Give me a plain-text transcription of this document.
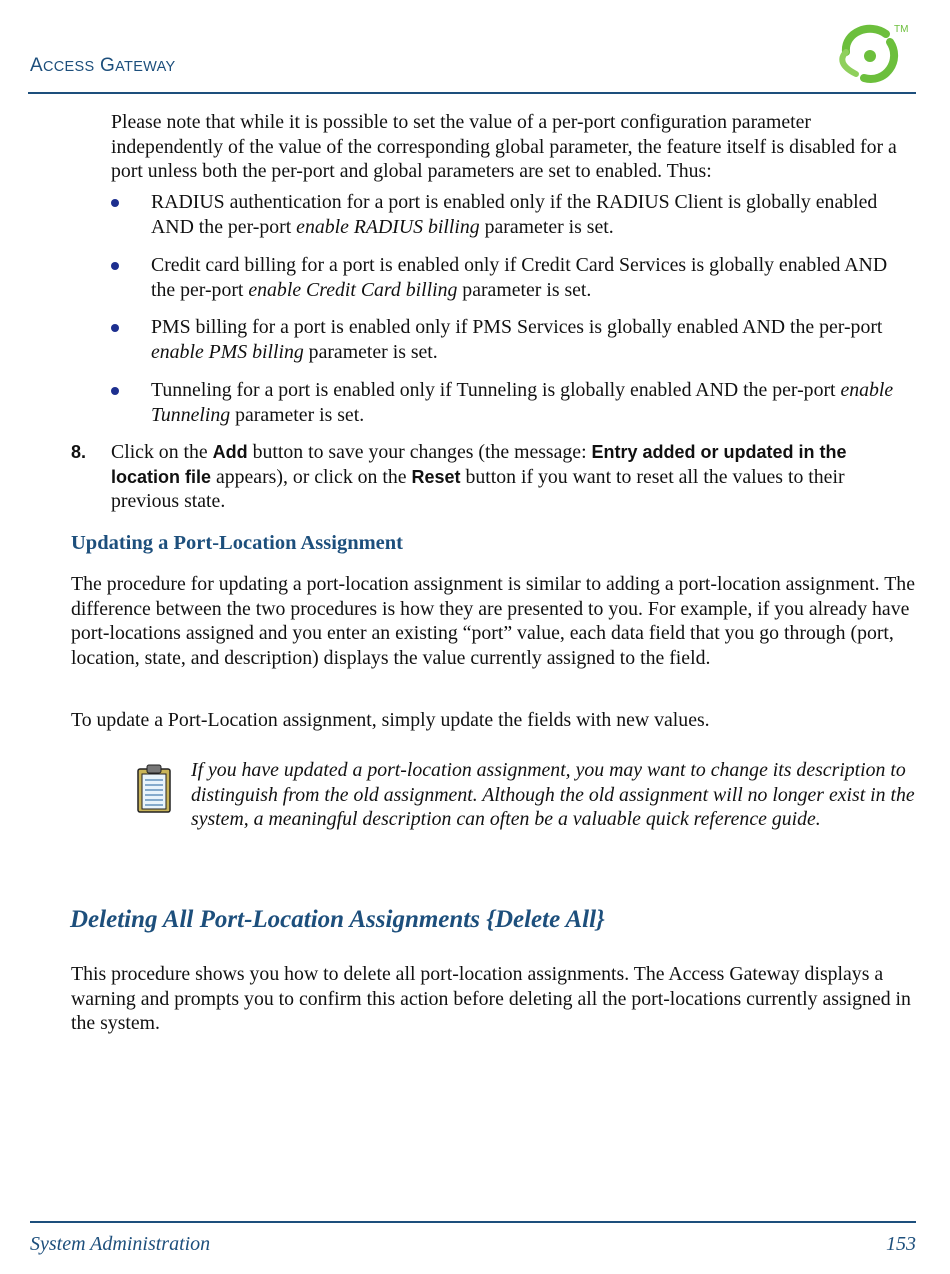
ACCESS GATEWAY
TM
Please note that while it is possible to set the value of a per-port configuration parameter independently of the value of the corresponding global parameter, the feature itself is disabled for a port unless both the per-port and global parameters are set to enabled. Thus:
RADIUS authentication for a port is enabled only if the RADIUS Client is globally enabled AND the per-port enable RADIUS billing parameter is set.
Credit card billing for a port is enabled only if Credit Card Services is globally enabled AND the per-port enable Credit Card billing parameter is set.
PMS billing for a port is enabled only if PMS Services is globally enabled AND the per-port enable PMS billing parameter is set.
Tunneling for a port is enabled only if Tunneling is globally enabled AND the per-port enable Tunneling parameter is set.
8. Click on the Add button to save your changes (the message: Entry added or updated in the location file appears), or click on the Reset button if you want to reset all the values to their previous state.
Updating a Port-Location Assignment
The procedure for updating a port-location assignment is similar to adding a port-location assignment. The difference between the two procedures is how they are presented to you. For example, if you already have port-locations assigned and you enter an existing “port” value, each data field that you go through (port, location, state, and description) displays the value currently assigned to the field.
To update a Port-Location assignment, simply update the fields with new values.
If you have updated a port-location assignment, you may want to change its description to distinguish from the old assignment. Although the old assignment will no longer exist in the system, a meaningful description can often be a valuable quick reference guide.
Deleting All Port-Location Assignments {Delete All}
This procedure shows you how to delete all port-location assignments. The Access Gateway displays a warning and prompts you to confirm this action before deleting all the port-locations currently assigned in the system.
System Administration	153
